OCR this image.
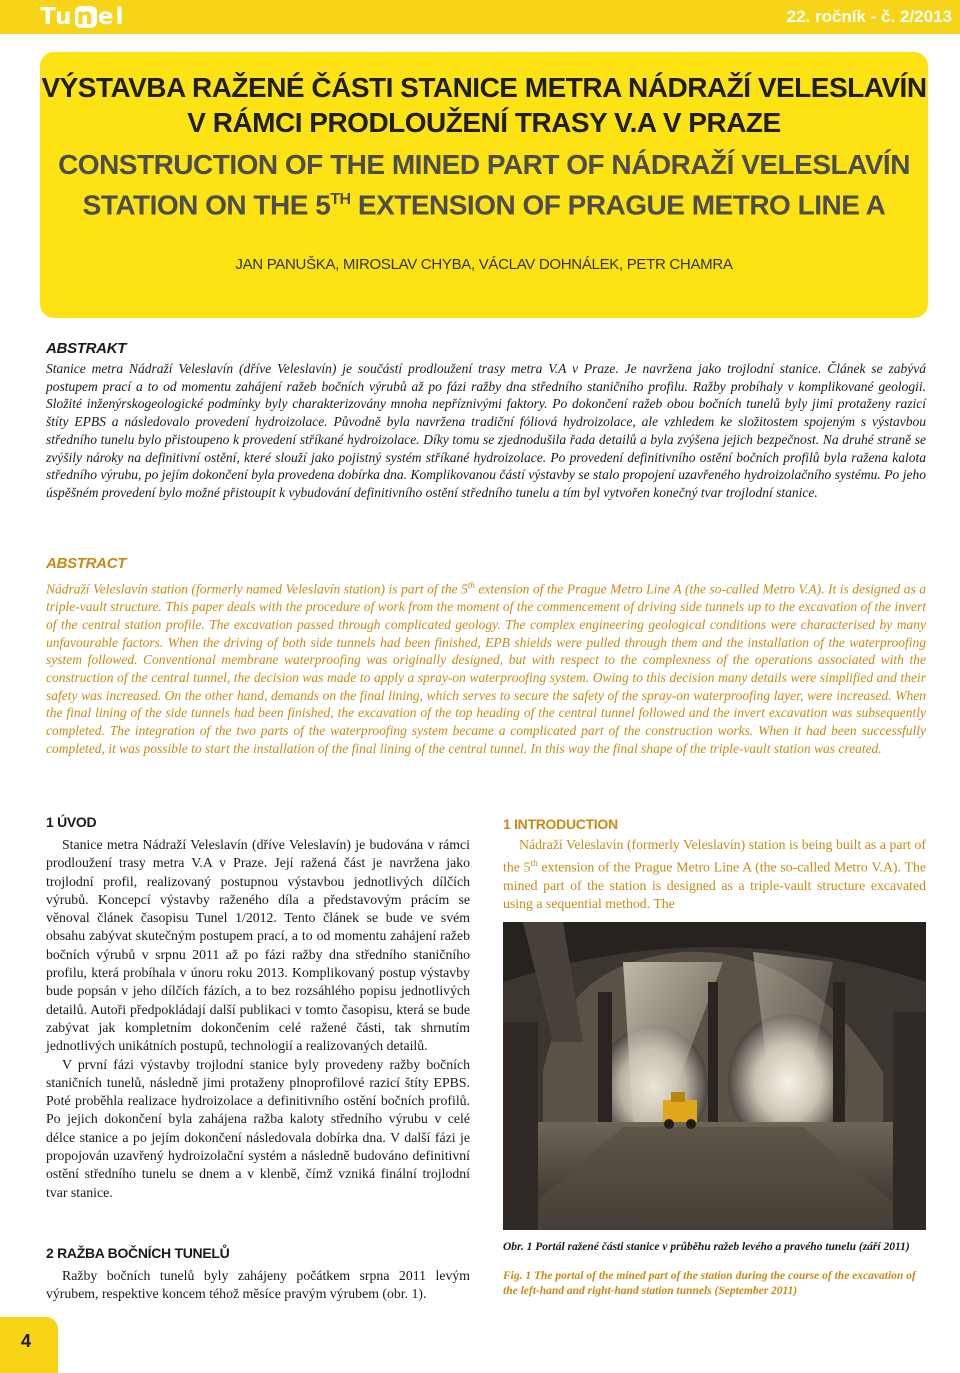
Tu n el	22. ročník - č. 2/2013
VÝSTAVBA RAŽENÉ ČÁSTI STANICE METRA NÁDRAŽÍ VELESLAVÍN
V RÁMCI PRODLOUŽENÍ TRASY V.A V PRAZE
CONSTRUCTION OF THE MINED PART OF NÁDRAŽÍ VELESLAVÍN
STATION ON THE 5TH EXTENSION OF PRAGUE METRO LINE A
JAN PANUŠKA, MIROSLAV CHYBA, VÁCLAV DOHNÁLEK, PETR CHAMRA
ABSTRAKT
Stanice metra Nádraží Veleslavín (dříve Veleslavín) je součástí prodloužení trasy metra V.A v Praze. Je navržena jako trojlodní stanice. Článek se zabývá postupem prací a to od momentu zahájení ražeb bočních výrubů až po fázi ražby dna středního staničního profilu. Ražby probíhaly v komplikované geologii. Složité inženýrskogeologické podmínky byly charakterizovány mnoha nepříznivými faktory. Po dokončení ražeb obou bočních tunelů byly jimi protaženy razicí štíty EPBS a následovalo provedení hydroizolace. Původně byla navržena tradiční fóliová hydroizolace, ale vzhledem ke složitostem spojeným s výstavbou středního tunelu bylo přistoupeno k provedení stříkané hydroizolace. Díky tomu se zjednodušila řada detailů a byla zvýšena jejich bezpečnost. Na druhé straně se zvýšily nároky na definitivní ostění, které slouží jako pojistný systém stříkané hydroizolace. Po provedení definitivního ostění bočních profilů byla ražena kalota středního výrubu, po jejím dokončení byla provedena dobírka dna. Komplikovanou částí výstavby se stalo propojení uzavřeného hydroizolačního systému. Po jeho úspěšném provedení bylo možné přistoupit k vybudování definitivního ostění středního tunelu a tím byl vytvořen konečný tvar trojlodní stanice.
ABSTRACT
Nádraží Veleslavín station (formerly named Veleslavín station) is part of the 5th extension of the Prague Metro Line A (the so-called Metro V.A). It is designed as a triple-vault structure. This paper deals with the procedure of work from the moment of the commencement of driving side tunnels up to the excavation of the invert of the central station profile. The excavation passed through complicated geology. The complex engineering geological conditions were characterised by many unfavourable factors. When the driving of both side tunnels had been finished, EPB shields were pulled through them and the installation of the waterproofing system followed. Conventional membrane waterproofing was originally designed, but with respect to the complexness of the operations associated with the construction of the central tunnel, the decision was made to apply a spray-on waterproofing system. Owing to this decision many details were simplified and their safety was increased. On the other hand, demands on the final lining, which serves to secure the safety of the spray-on waterproofing layer, were increased. When the final lining of the side tunnels had been finished, the excavation of the top heading of the central tunnel followed and the invert excavation was subsequently completed. The integration of the two parts of the waterproofing system became a complicated part of the construction works. When it had been successfully completed, it was possible to start the installation of the final lining of the central tunnel. In this way the final shape of the triple-vault station was created.
1 ÚVOD

Stanice metra Nádraží Veleslavín (dříve Veleslavín) je budována v rámci prodloužení trasy metra V.A v Praze. Její ražená část je navržena jako trojlodní profil, realizovaný postupnou výstavbou jednotlivých dílčích výrubů. Koncepcí výstavby raženého díla a představovým prácím se věnoval článek časopisu Tunel 1/2012. Tento článek se bude ve svém obsahu zabývat skutečným postupem prací, a to od momentu zahájení ražeb bočních výrubů v srpnu 2011 až po fázi ražby dna středního staničního profilu, která probíhala v únoru roku 2013. Komplikovaný postup výstavby bude popsán v jeho dílčích fázích, a to bez rozsáhlého popisu jednotlivých detailů. Autoři předpokládají další publikaci v tomto časopisu, která se bude zabývat jak kompletním dokončením celé ražené části, tak shrnutím jednotlivých unikátních postupů, technologií a realizovaných detailů.

V první fázi výstavby trojlodní stanice byly provedeny ražby bočních staničních tunelů, následně jimi protaženy plnoprofilové razicí štíty EPBS. Poté proběhla realizace hydroizolace a definitivního ostění bočních profilů. Po jejich dokončení byla zahájena ražba kaloty středního výrubu v celé délce stanice a po jejím dokončení následovala dobírka dna. V další fázi je propojován uzavřený hydroizolační systém a následně budováno definitivní ostění středního tunelu se dnem a v klenbě, čímž vzniká finální trojlodní tvar stanice.

2 RAŽBA BOČNÍCH TUNELŮ

Ražby bočních tunelů byly zahájeny počátkem srpna 2011 levým výrubem, respektive koncem téhož měsíce pravým výrubem (obr. 1).

1 INTRODUCTION

Nádraží Veleslavín (formerly Veleslavín) station is being built as a part of the 5th extension of the Prague Metro Line A (the so-called Metro V.A). The mined part of the station is designed as a triple-vault structure excavated using a sequential method. The

Obr. 1 Portál ražené části stanice v průběhu ražeb levého a pravého tunelu (září 2011)
Fig. 1 The portal of the mined part of the station during the course of the excavation of the left-hand and right-hand station tunnels (September 2011)
4
